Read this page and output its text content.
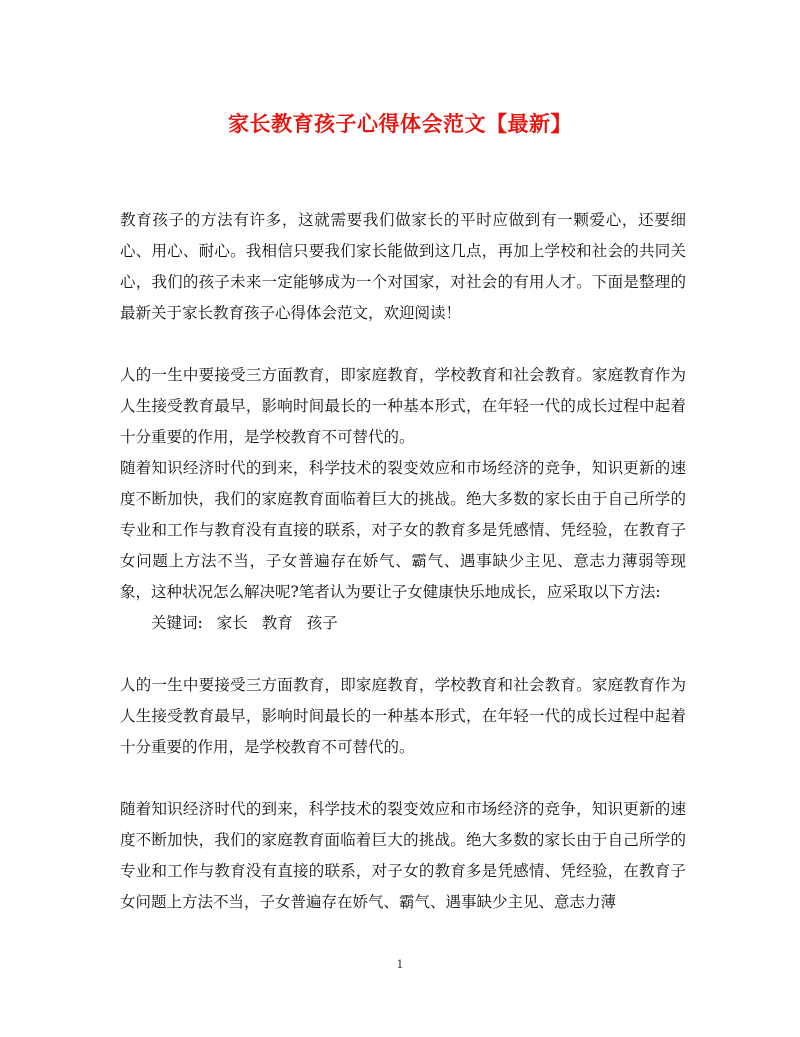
家长教育孩子心得体会范文【最新】

教育孩子的方法有许多，这就需要我们做家长的平时应做到有一颗爱心，还要细心、用心、耐心。我相信只要我们家长能做到这几点，再加上学校和社会的共同关心，我们的孩子未来一定能够成为一个对国家，对社会的有用人才。下面是整理的最新关于家长教育孩子心得体会范文，欢迎阅读！

人的一生中要接受三方面教育，即家庭教育，学校教育和社会教育。家庭教育作为人生接受教育最早，影响时间最长的一种基本形式，在年轻一代的成长过程中起着十分重要的作用，是学校教育不可替代的。

随着知识经济时代的到来，科学技术的裂变效应和市场经济的竞争，知识更新的速度不断加快，我们的家庭教育面临着巨大的挑战。绝大多数的家长由于自己所学的专业和工作与教育没有直接的联系，对子女的教育多是凭感情、凭经验，在教育子女问题上方法不当，子女普遍存在娇气、霸气、遇事缺少主见、意志力薄弱等现象，这种状况怎么解决呢?笔者认为要让子女健康快乐地成长，应采取以下方法:

关键词: 家长 教育 孩子

人的一生中要接受三方面教育，即家庭教育，学校教育和社会教育。家庭教育作为人生接受教育最早，影响时间最长的一种基本形式，在年轻一代的成长过程中起着十分重要的作用，是学校教育不可替代的。

随着知识经济时代的到来，科学技术的裂变效应和市场经济的竞争，知识更新的速度不断加快，我们的家庭教育面临着巨大的挑战。绝大多数的家长由于自己所学的专业和工作与教育没有直接的联系，对子女的教育多是凭感情、凭经验，在教育子女问题上方法不当，子女普遍存在娇气、霸气、遇事缺少主见、意志力薄

1
